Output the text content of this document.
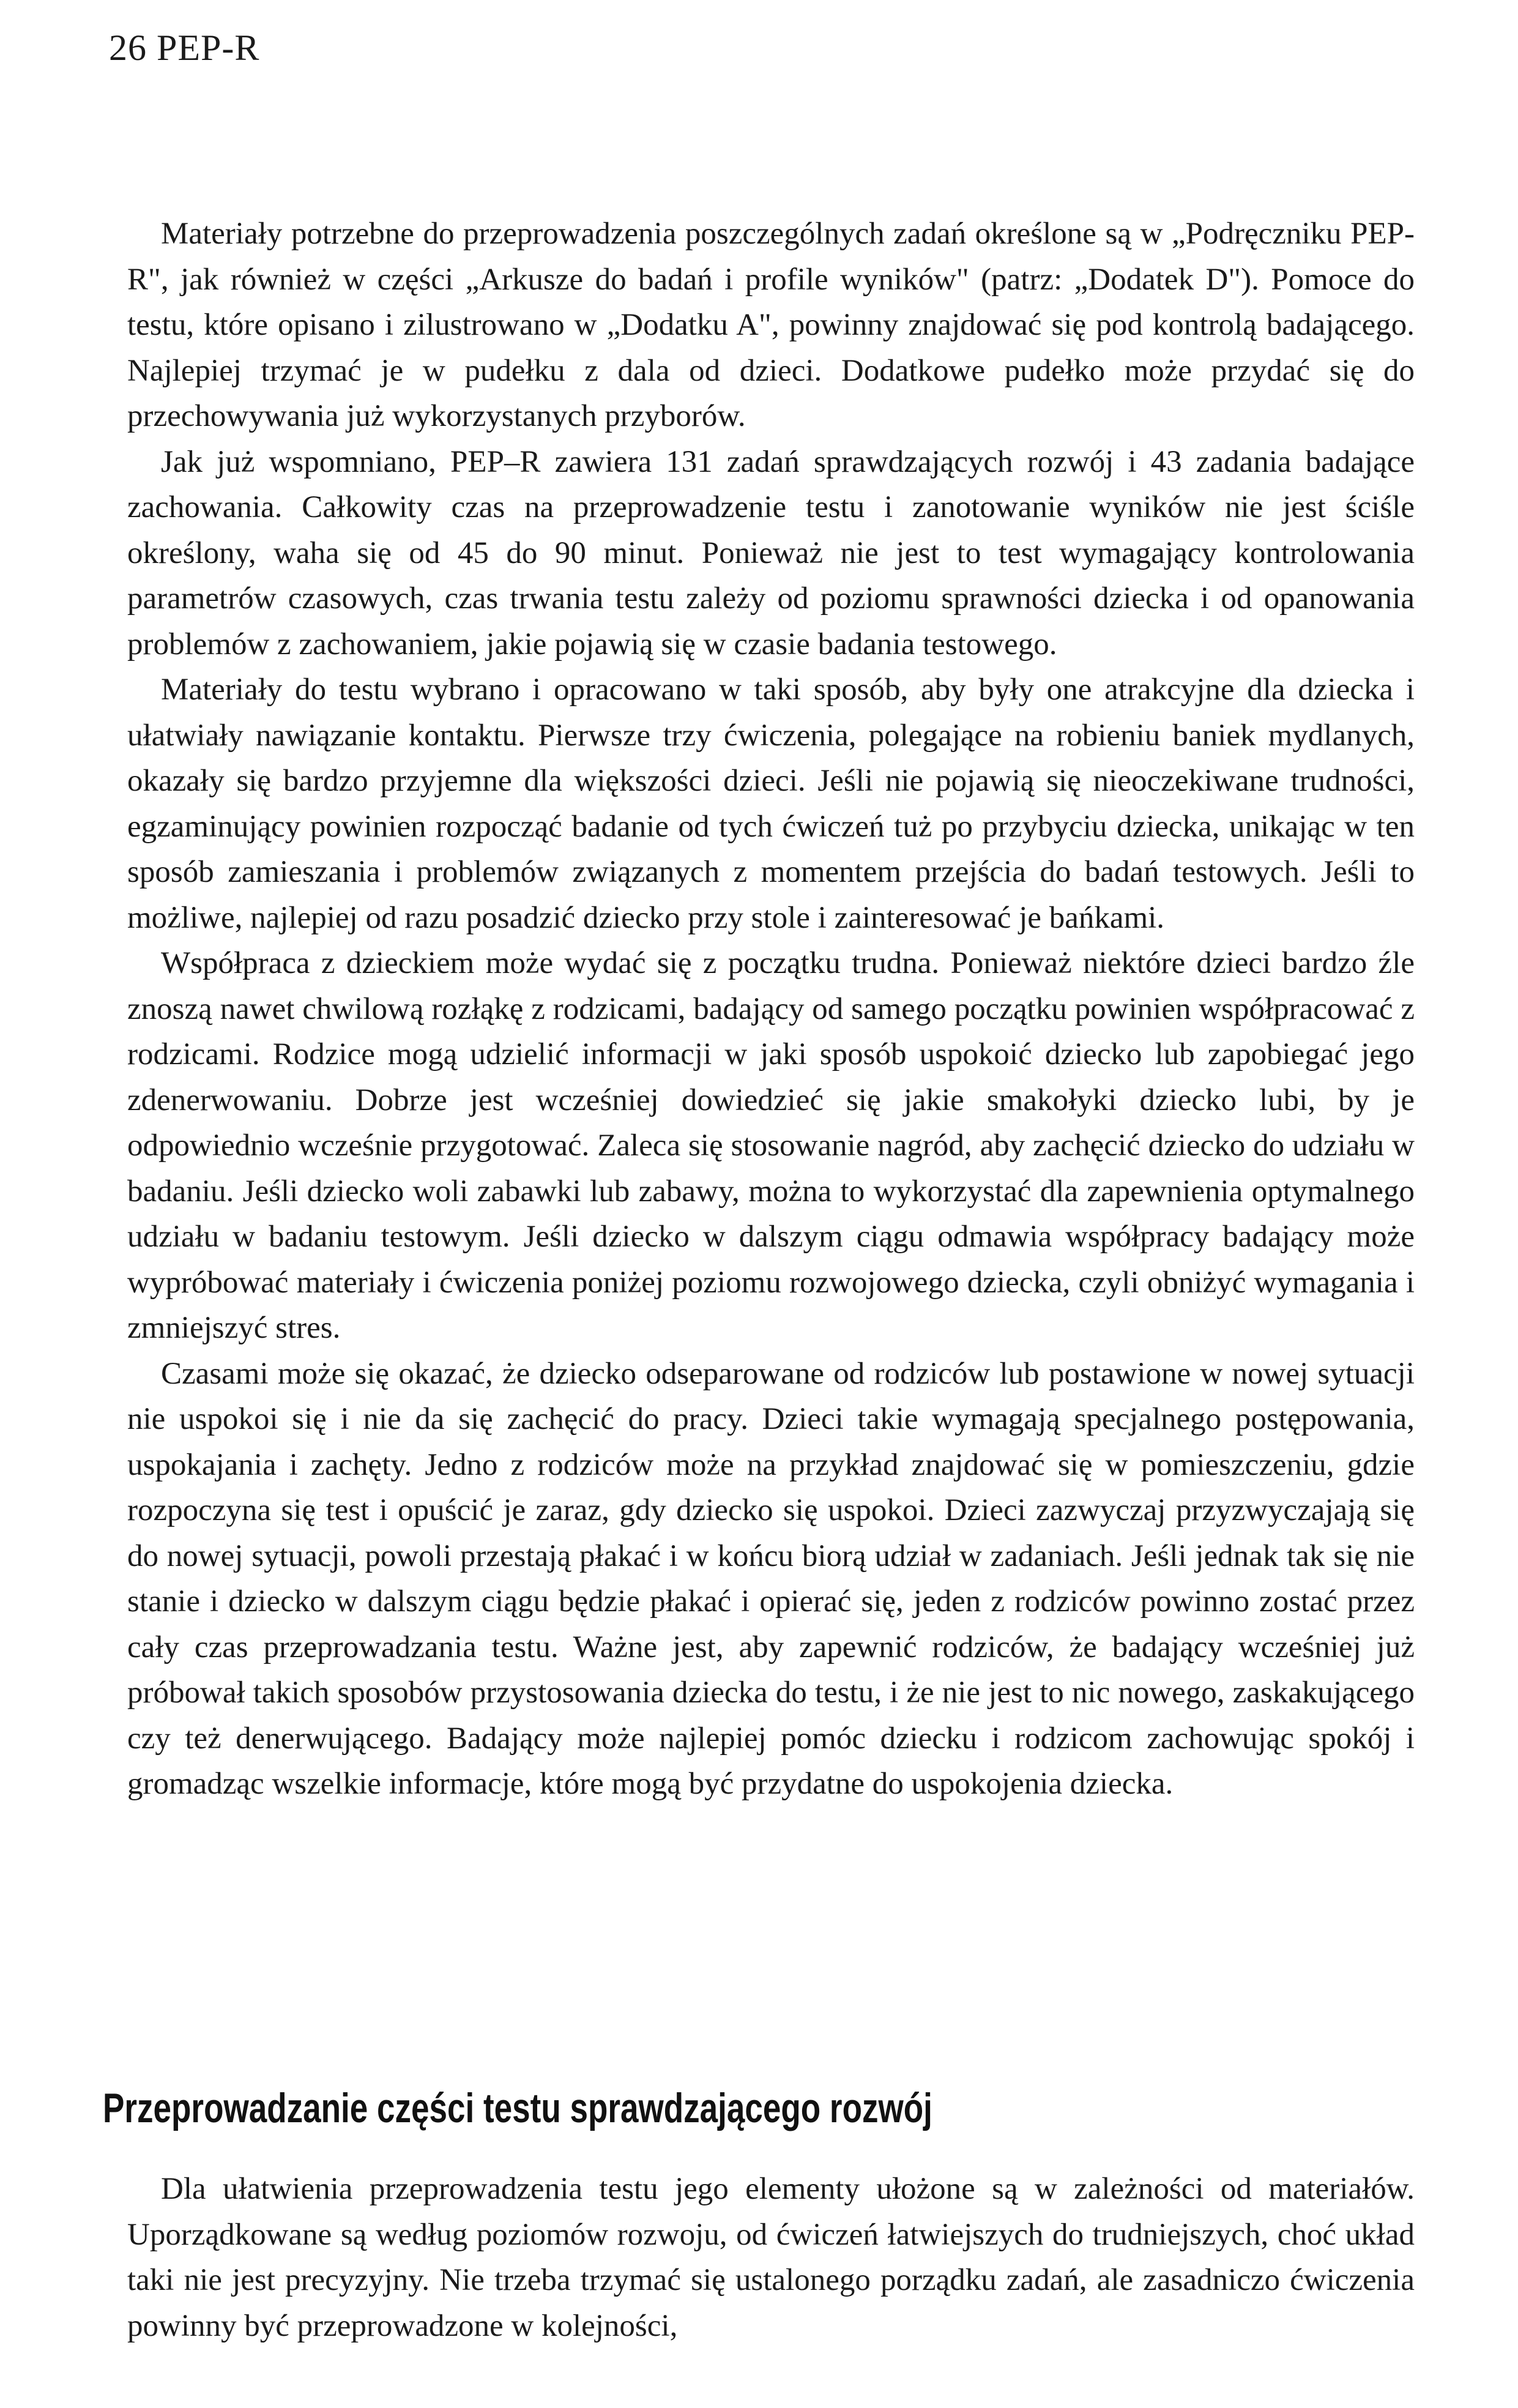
26 PEP-R

Materiały potrzebne do przeprowadzenia poszczególnych zadań określone są w „Podręczniku PEP-R", jak również w części „Arkusze do badań i profile wyników" (patrz: „Dodatek D"). Pomoce do testu, które opisano i zilustrowano w „Dodatku A", powinny znajdować się pod kontrolą badającego. Najlepiej trzymać je w pudełku z dala od dzieci. Dodatkowe pudełko może przydać się do przechowywania już wykorzystanych przyborów.

Jak już wspomniano, PEP–R zawiera 131 zadań sprawdzających rozwój i 43 zadania badające zachowania. Całkowity czas na przeprowadzenie testu i zanotowanie wyników nie jest ściśle określony, waha się od 45 do 90 minut. Ponieważ nie jest to test wymagający kontrolowania parametrów czasowych, czas trwania testu zależy od poziomu sprawności dziecka i od opanowania problemów z zachowaniem, jakie pojawią się w czasie badania testowego.

Materiały do testu wybrano i opracowano w taki sposób, aby były one atrakcyjne dla dziecka i ułatwiały nawiązanie kontaktu. Pierwsze trzy ćwiczenia, polegające na robieniu baniek mydlanych, okazały się bardzo przyjemne dla większości dzieci. Jeśli nie pojawią się nieoczekiwane trudności, egzaminujący powinien rozpocząć badanie od tych ćwiczeń tuż po przybyciu dziecka, unikając w ten sposób zamieszania i problemów związanych z momentem przejścia do badań testowych. Jeśli to możliwe, najlepiej od razu posadzić dziecko przy stole i zainteresować je bańkami.

Współpraca z dzieckiem może wydać się z początku trudna. Ponieważ niektóre dzieci bardzo źle znoszą nawet chwilową rozłąkę z rodzicami, badający od samego początku powinien współpracować z rodzicami. Rodzice mogą udzielić informacji w jaki sposób uspokoić dziecko lub zapobiegać jego zdenerwowaniu. Dobrze jest wcześniej dowiedzieć się jakie smakołyki dziecko lubi, by je odpowiednio wcześnie przygotować. Zaleca się stosowanie nagród, aby zachęcić dziecko do udziału w badaniu. Jeśli dziecko woli zabawki lub zabawy, można to wykorzystać dla zapewnienia optymalnego udziału w badaniu testowym. Jeśli dziecko w dalszym ciągu odmawia współpracy badający może wypróbować materiały i ćwiczenia poniżej poziomu rozwojowego dziecka, czyli obniżyć wymagania i zmniejszyć stres.

Czasami może się okazać, że dziecko odseparowane od rodziców lub postawione w nowej sytuacji nie uspokoi się i nie da się zachęcić do pracy. Dzieci takie wymagają specjalnego postępowania, uspokajania i zachęty. Jedno z rodziców może na przykład znajdować się w pomieszczeniu, gdzie rozpoczyna się test i opuścić je zaraz, gdy dziecko się uspokoi. Dzieci zazwyczaj przyzwyczajają się do nowej sytuacji, powoli przestają płakać i w końcu biorą udział w zadaniach. Jeśli jednak tak się nie stanie i dziecko w dalszym ciągu będzie płakać i opierać się, jeden z rodziców powinno zostać przez cały czas przeprowadzania testu. Ważne jest, aby zapewnić rodziców, że badający wcześniej już próbował takich sposobów przystosowania dziecka do testu, i że nie jest to nic nowego, zaskakującego czy też denerwującego. Badający może najlepiej pomóc dziecku i rodzicom zachowując spokój i gromadząc wszelkie informacje, które mogą być przydatne do uspokojenia dziecka.

Przeprowadzanie części testu sprawdzającego rozwój

Dla ułatwienia przeprowadzenia testu jego elementy ułożone są w zależności od materiałów. Uporządkowane są według poziomów rozwoju, od ćwiczeń łatwiejszych do trudniejszych, choć układ taki nie jest precyzyjny. Nie trzeba trzymać się ustalonego porządku zadań, ale zasadniczo ćwiczenia powinny być przeprowadzone w kolejności,
